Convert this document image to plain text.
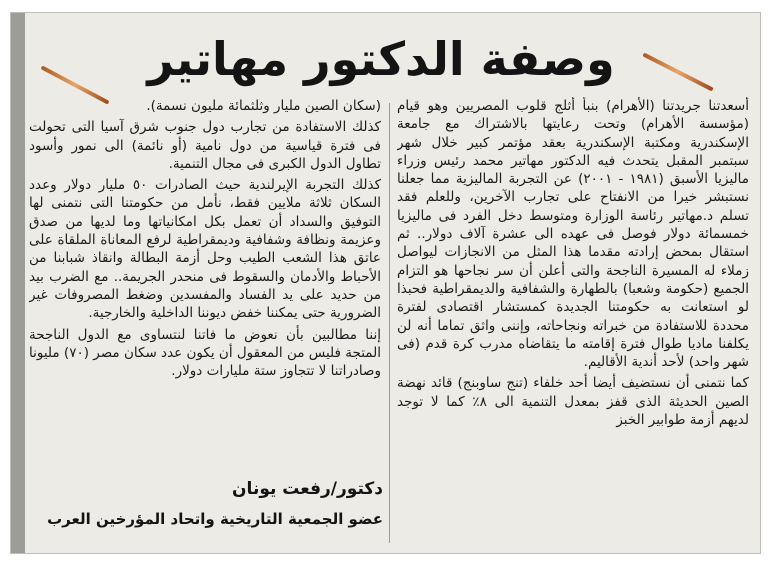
وصفة الدكتور مهاتير

أسعدتنا جريدتنا (الأهرام) بنبأ أثلج قلوب المصريين وهو قيام (مؤسسة الأهرام) وتحت رعايتها بالاشتراك مع جامعة الإسكندرية ومكتبة الإسكندرية بعقد مؤتمر كبير خلال شهر سبتمبر المقبل يتحدث فيه الدكتور مهاتير محمد رئيس وزراء ماليزيا الأسبق (١٩٨١ - ٢٠٠١) عن التجربة الماليزية مما جعلنا نستبشر خيرا من الانفتاح على تجارب الآخرين، وللعلم فقد تسلم د.مهاتير رئاسة الوزارة ومتوسط دخل الفرد فى ماليزيا خمسمائة دولار فوصل فى عهده الى عشرة آلاف دولار.. ثم استقال بمحض إرادته مقدما هذا المثل من الانجازات ليواصل زملاء له المسيرة الناجحة والتى أعلن أن سر نجاحها هو التزام الجميع (حكومة وشعبا) بالطهارة والشفافية والديمقراطية فحبذا لو استعانت به حكومتنا الجديدة كمستشار اقتصادى لفترة محددة للاستفادة من خبراته ونجاحاته، وإننى واثق تماما أنه لن يكلفنا ماديا طوال فترة إقامته ما يتقاضاه مدرب كرة قدم (فى شهر واحد) لأحد أندية الأقاليم.

كما نتمنى أن نستضيف أيضا أحد خلفاء (تنج ساوبنج) قائد نهضة الصين الحديثة الذى قفز بمعدل التنمية الى ٨٪ كما لا توجد لديهم أزمة طوابير الخبز

(سكان الصين مليار وثلثمائة مليون نسمة).

كذلك الاستفادة من تجارب دول جنوب شرق آسيا التى تحولت فى فترة قياسية من دول نامية (أو نائمة) الى نمور وأسود تطاول الدول الكبرى فى مجال التنمية.

كذلك التجربة الإيرلندية حيث الصادرات ٥٠ مليار دولار وعدد السكان ثلاثة ملايين فقط، نأمل من حكومتنا التى نتمنى لها التوفيق والسداد أن تعمل بكل امكانياتها وما لديها من صدق وعزيمة ونظافة وشفافية وديمقراطية لرفع المعاناة الملقاة على عاتق هذا الشعب الطيب وحل أزمة البطالة وانقاذ شبابنا من الأحباط والأدمان والسقوط فى منحدر الجريمة.. مع الضرب بيد من حديد على يد الفساد والمفسدين وضغط المصروفات غير الضرورية حتى يمكننا خفض ديوننا الداخلية والخارجية.

إننا مطالبين بأن نعوض ما فاتنا لنتساوى مع الدول الناجحة المتجة فليس من المعقول أن يكون عدد سكان مصر (٧٠) مليونا وصادراتنا لا تتجاوز ستة مليارات دولار.

دكتور/رفعت يونان
عضو الجمعية التاريخية واتحاد المؤرخين العرب
